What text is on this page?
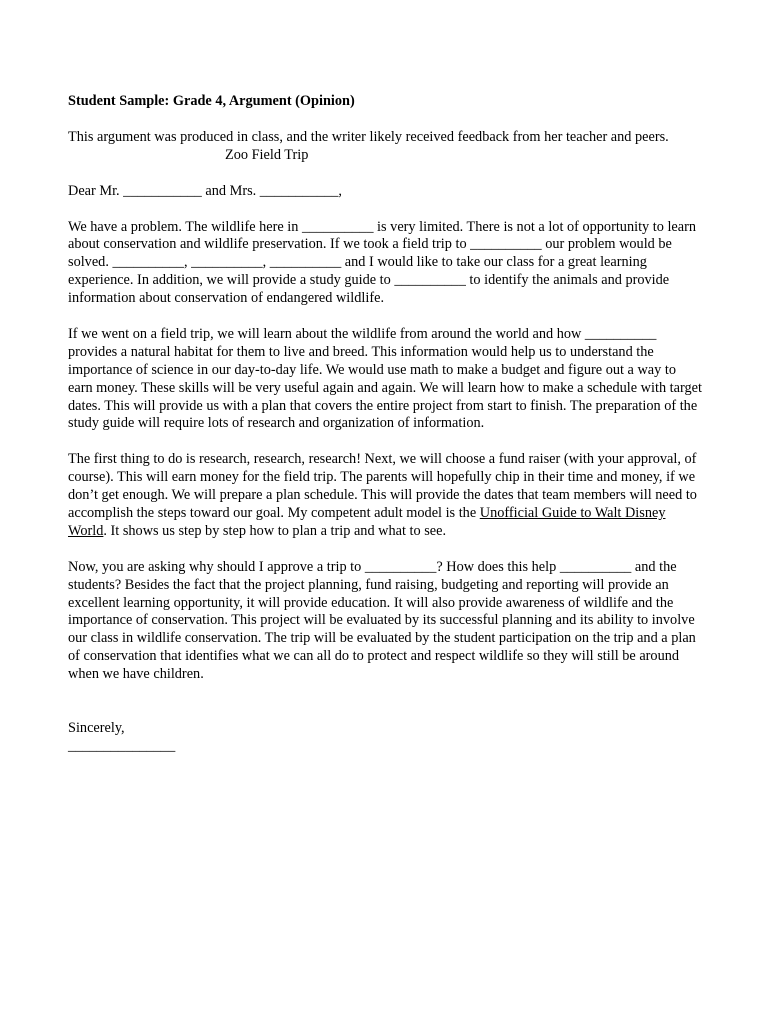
Student Sample: Grade 4, Argument (Opinion)

This argument was produced in class, and the writer likely received feedback from her teacher and peers.

Zoo Field Trip

Dear Mr. ___________ and Mrs. ___________,

We have a problem. The wildlife here in __________ is very limited. There is not a lot of opportunity to learn about conservation and wildlife preservation. If we took a field trip to __________ our problem would be solved. __________, __________, __________ and I would like to take our class for a great learning experience. In addition, we will provide a study guide to __________ to identify the animals and provide information about conservation of endangered wildlife.

If we went on a field trip, we will learn about the wildlife from around the world and how __________ provides a natural habitat for them to live and breed. This information would help us to understand the importance of science in our day-to-day life. We would use math to make a budget and figure out a way to earn money. These skills will be very useful again and again. We will learn how to make a schedule with target dates. This will provide us with a plan that covers the entire project from start to finish. The preparation of the study guide will require lots of research and organization of information.

The first thing to do is research, research, research! Next, we will choose a fund raiser (with your approval, of course). This will earn money for the field trip. The parents will hopefully chip in their time and money, if we don’t get enough. We will prepare a plan schedule. This will provide the dates that team members will need to accomplish the steps toward our goal. My competent adult model is the Unofficial Guide to Walt Disney World. It shows us step by step how to plan a trip and what to see.

Now, you are asking why should I approve a trip to __________? How does this help __________ and the students? Besides the fact that the project planning, fund raising, budgeting and reporting will provide an excellent learning opportunity, it will provide education. It will also provide awareness of wildlife and the importance of conservation. This project will be evaluated by its successful planning and its ability to involve our class in wildlife conservation. The trip will be evaluated by the student participation on the trip and a plan of conservation that identifies what we can all do to protect and respect wildlife so they will still be around when we have children.

Sincerely,
_______________
